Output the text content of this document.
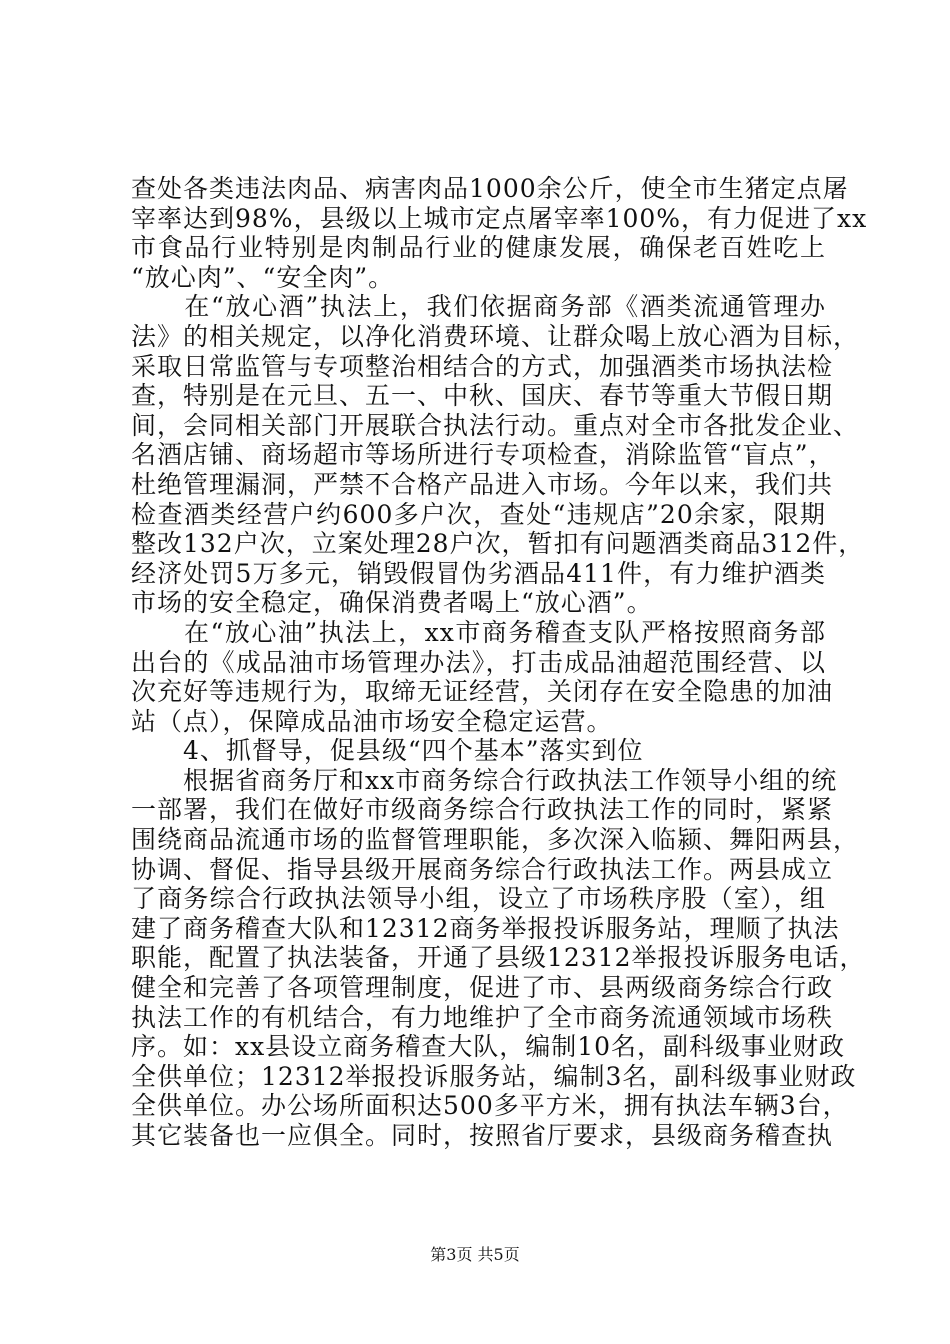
查处各类违法肉品、病害肉品1000余公斤，使全市生猪定点屠
宰率达到98%，县级以上城市定点屠宰率100%，有力促进了xx
市食品行业特别是肉制品行业的健康发展，确保老百姓吃上
“放心肉”、“安全肉”。
　　在“放心酒”执法上，我们依据商务部《酒类流通管理办
法》的相关规定，以净化消费环境、让群众喝上放心酒为目标，
采取日常监管与专项整治相结合的方式，加强酒类市场执法检
查，特别是在元旦、五一、中秋、国庆、春节等重大节假日期
间，会同相关部门开展联合执法行动。重点对全市各批发企业、
名酒店铺、商场超市等场所进行专项检查，消除监管“盲点”，
杜绝管理漏洞，严禁不合格产品进入市场。今年以来，我们共
检查酒类经营户约600多户次，查处“违规店”20余家，限期
整改132户次，立案处理28户次，暂扣有问题酒类商品312件，
经济处罚5万多元，销毁假冒伪劣酒品411件，有力维护酒类
市场的安全稳定，确保消费者喝上“放心酒”。
　　在“放心油”执法上，xx市商务稽查支队严格按照商务部
出台的《成品油市场管理办法》，打击成品油超范围经营、以
次充好等违规行为，取缔无证经营，关闭存在安全隐患的加油
站（点），保障成品油市场安全稳定运营。
　　4、抓督导，促县级“四个基本”落实到位
　　根据省商务厅和xx市商务综合行政执法工作领导小组的统
一部署，我们在做好市级商务综合行政执法工作的同时，紧紧
围绕商品流通市场的监督管理职能，多次深入临颍、舞阳两县，
协调、督促、指导县级开展商务综合行政执法工作。两县成立
了商务综合行政执法领导小组，设立了市场秩序股（室），组
建了商务稽查大队和12312商务举报投诉服务站，理顺了执法
职能，配置了执法装备，开通了县级12312举报投诉服务电话，
健全和完善了各项管理制度，促进了市、县两级商务综合行政
执法工作的有机结合，有力地维护了全市商务流通领域市场秩
序。如：xx县设立商务稽查大队，编制10名，副科级事业财政
全供单位；12312举报投诉服务站，编制3名，副科级事业财政
全供单位。办公场所面积达500多平方米，拥有执法车辆3台，
其它装备也一应俱全。同时，按照省厅要求，县级商务稽查执
第3页 共5页
